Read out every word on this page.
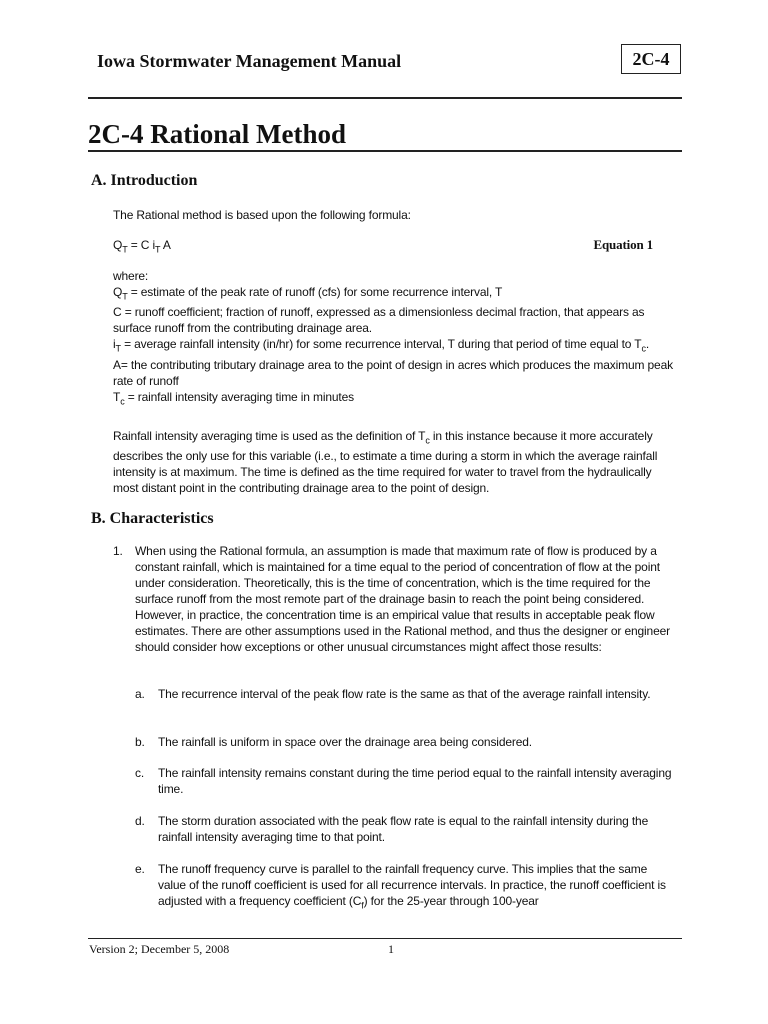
Iowa Stormwater Management Manual	2C-4
2C-4 Rational Method
A. Introduction
The Rational method is based upon the following formula:
$Q_T = C$ $i_T$ A	Equation 1
where:
$Q_T$ = estimate of the peak rate of runoff (cfs) for some recurrence interval, T
C = runoff coefficient; fraction of runoff, expressed as a dimensionless decimal fraction, that appears as surface runoff from the contributing drainage area.
$i_T$ = average rainfall intensity (in/hr) for some recurrence interval, T during that period of time equal to $T_c$.
A= the contributing tributary drainage area to the point of design in acres which produces the maximum peak rate of runoff
$T_c$ = rainfall intensity averaging time in minutes
Rainfall intensity averaging time is used as the definition of $T_c$ in this instance because it more accurately describes the only use for this variable (i.e., to estimate a time during a storm in which the average rainfall intensity is at maximum. The time is defined as the time required for water to travel from the hydraulically most distant point in the contributing drainage area to the point of design.
B. Characteristics
1. When using the Rational formula, an assumption is made that maximum rate of flow is produced by a constant rainfall, which is maintained for a time equal to the period of concentration of flow at the point under consideration. Theoretically, this is the time of concentration, which is the time required for the surface runoff from the most remote part of the drainage basin to reach the point being considered. However, in practice, the concentration time is an empirical value that results in acceptable peak flow estimates. There are other assumptions used in the Rational method, and thus the designer or engineer should consider how exceptions or other unusual circumstances might affect those results:
a. The recurrence interval of the peak flow rate is the same as that of the average rainfall intensity.
b. The rainfall is uniform in space over the drainage area being considered.
c. The rainfall intensity remains constant during the time period equal to the rainfall intensity averaging time.
d. The storm duration associated with the peak flow rate is equal to the rainfall intensity during the rainfall intensity averaging time to that point.
e. The runoff frequency curve is parallel to the rainfall frequency curve. This implies that the same value of the runoff coefficient is used for all recurrence intervals. In practice, the runoff coefficient is adjusted with a frequency coefficient $(C_f)$ for the 25-year through 100-year
Version 2; December 5, 2008	1
